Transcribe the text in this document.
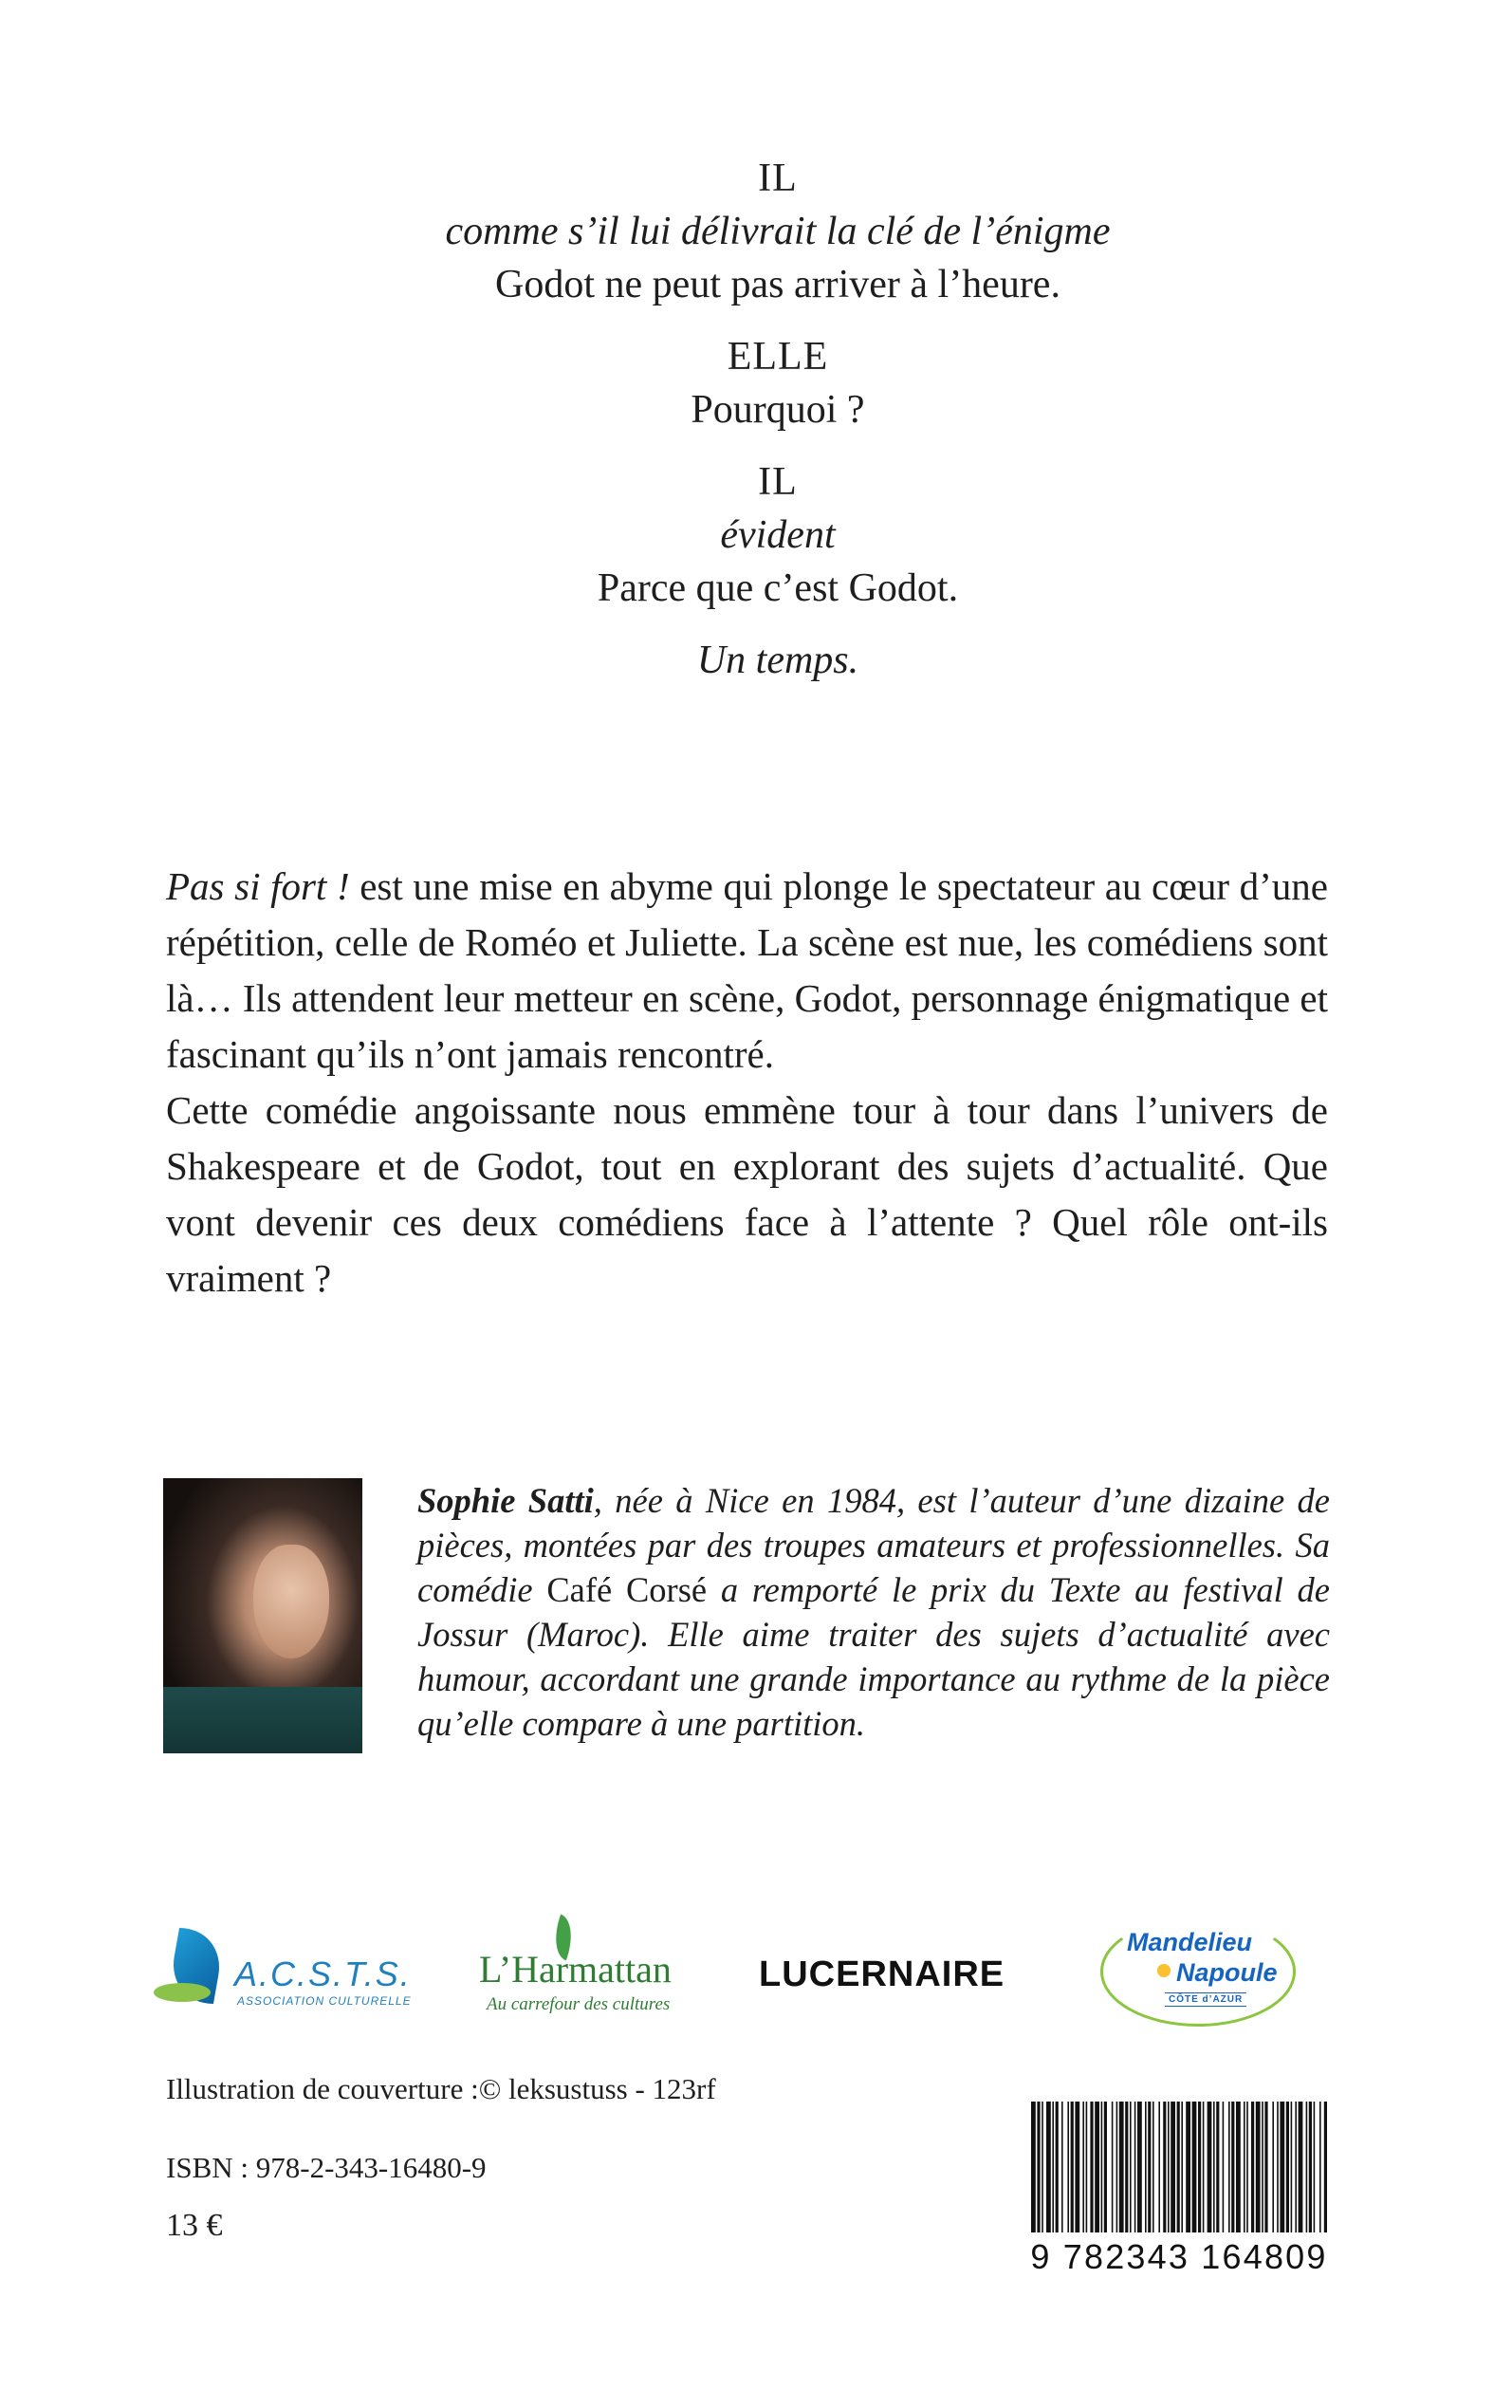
IL
comme s’il lui délivrait la clé de l’énigme
Godot ne peut pas arriver à l’heure.
ELLE
Pourquoi ?
IL
évident
Parce que c’est Godot.
Un temps.

Pas si fort ! est une mise en abyme qui plonge le spectateur au cœur d’une répétition, celle de Roméo et Juliette. La scène est nue, les comédiens sont là… Ils attendent leur metteur en scène, Godot, personnage énigmatique et fascinant qu’ils n’ont jamais rencontré.

Cette comédie angoissante nous emmène tour à tour dans l’univers de Shakespeare et de Godot, tout en explorant des sujets d’actualité. Que vont devenir ces deux comédiens face à l’attente ? Quel rôle ont-ils vraiment ?

Sophie Satti, née à Nice en 1984, est l’auteur d’une dizaine de pièces, montées par des troupes amateurs et professionnelles. Sa comédie Café Corsé a remporté le prix du Texte au festival de Jossur (Maroc). Elle aime traiter des sujets d’actualité avec humour, accordant une grande importance au rythme de la pièce qu’elle compare à une partition.
A.C.S.T.S.
ASSOCIATION CULTURELLE
L’Harmattan
Au carrefour des cultures
LUCERNAIRE
Mandelieu
Napoule
CÔTE d’AZUR
Illustration de couverture :© leksustuss - 123rf
ISBN : 978-2-343-16480-9
13 €
9 782343 164809
